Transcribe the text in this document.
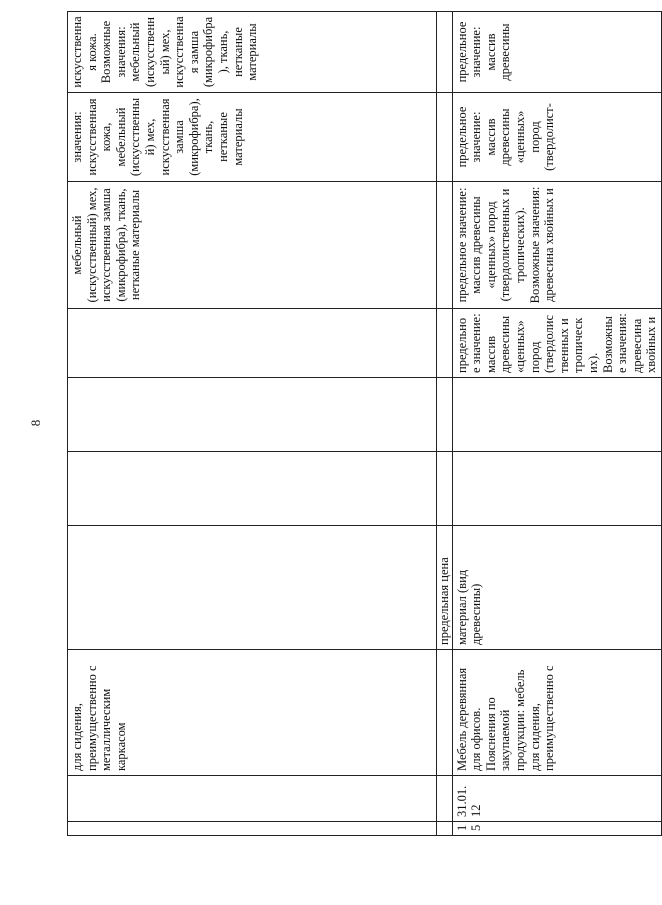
8
		для сидения, преимущественно с металлическим каркасом					мебельный (искусственный) мех, искусственная замша (микрофибра), ткань, нетканые материалы	значения: искусственная кожа, мебельный (искусственный) мех, искусственная замша (микрофибра), ткань, нетканые материалы	искусственная кожа. Возможные значения: мебельный (искусственный) мех, искусственная замша (микрофибра), ткань, нетканые материалы
			предельная цена						
15	31.01.12	Мебель деревянная для офисов. Пояснения по закупаемой продукции: мебель для сидения, преимущественно с	материал (вид древесины)			предельное значение: массив древесины «ценных» пород (твердолиственных и тропических). Возможные значения: древесина хвойных и	предельное значение: массив древесины «ценных» пород (твердолиственных и тропических). Возможные значения: древесина хвойных и	предельное значение: массив древесины «ценных» пород (твердолист-	предельное значение: массив древесины
